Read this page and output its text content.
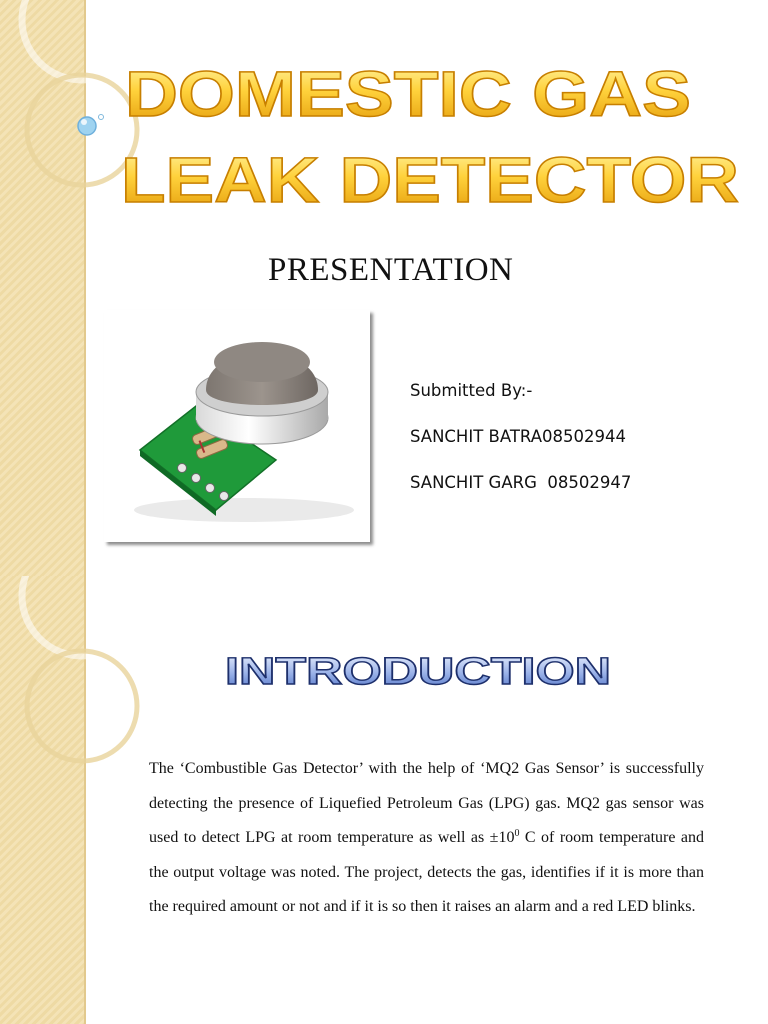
DOMESTIC GAS
LEAK DETECTOR
PRESENTATION
Submitted By:-
SANCHIT BATRA08502944
SANCHIT GARG 08502947
INTRODUCTION
The ‘Combustible Gas Detector’ with the help of ‘MQ2 Gas Sensor’ is successfully detecting the presence of Liquefied Petroleum Gas (LPG) gas. MQ2 gas sensor was used to detect LPG at room temperature as well as $\pm 10^0$ C of room temperature and the output voltage was noted. The project, detects the gas, identifies if it is more than the required amount or not and if it is so then it raises an alarm and a red LED blinks.
